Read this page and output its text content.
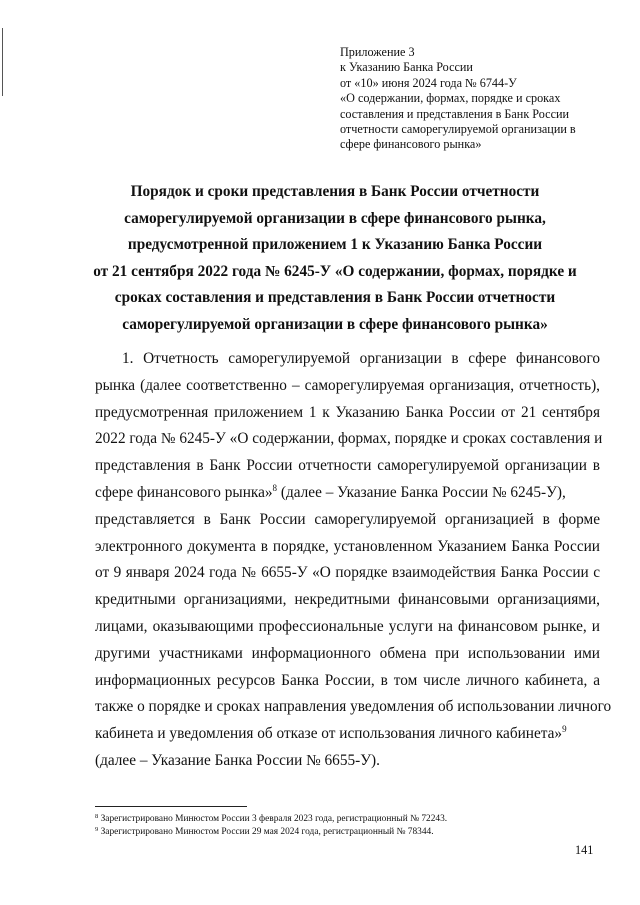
Приложение 3
к Указанию Банка России
от «10» июня 2024 года № 6744-У
«О содержании, формах, порядке и сроках
составления и представления в Банк России
отчетности саморегулируемой организации в
сфере финансового рынка»
Порядок и сроки представления в Банк России отчетности
саморегулируемой организации в сфере финансового рынка,
предусмотренной приложением 1 к Указанию Банка России
от 21 сентября 2022 года № 6245-У «О содержании, формах, порядке и
сроках составления и представления в Банк России отчетности
саморегулируемой организации в сфере финансового рынка»
1. Отчетность саморегулируемой организации в сфере финансового
рынка (далее соответственно – саморегулируемая организация, отчетность),
предусмотренная приложением 1 к Указанию Банка России от 21 сентября
2022 года № 6245-У «О содержании, формах, порядке и сроках составления и
представления в Банк России отчетности саморегулируемой организации в
сфере финансового рынка»$^8$ (далее – Указание Банка России № 6245-У),
представляется в Банк России саморегулируемой организацией в форме
электронного документа в порядке, установленном Указанием Банка России
от 9 января 2024 года № 6655-У «О порядке взаимодействия Банка России с
кредитными организациями, некредитными финансовыми организациями,
лицами, оказывающими профессиональные услуги на финансовом рынке, и
другими участниками информационного обмена при использовании ими
информационных ресурсов Банка России, в том числе личного кабинета, а
также о порядке и сроках направления уведомления об использовании личного
кабинета и уведомления об отказе от использования личного кабинета»$^9$
(далее – Указание Банка России № 6655-У).
$^8$ Зарегистрировано Минюстом России 3 февраля 2023 года, регистрационный № 72243.
$^9$ Зарегистрировано Минюстом России 29 мая 2024 года, регистрационный № 78344.
141
